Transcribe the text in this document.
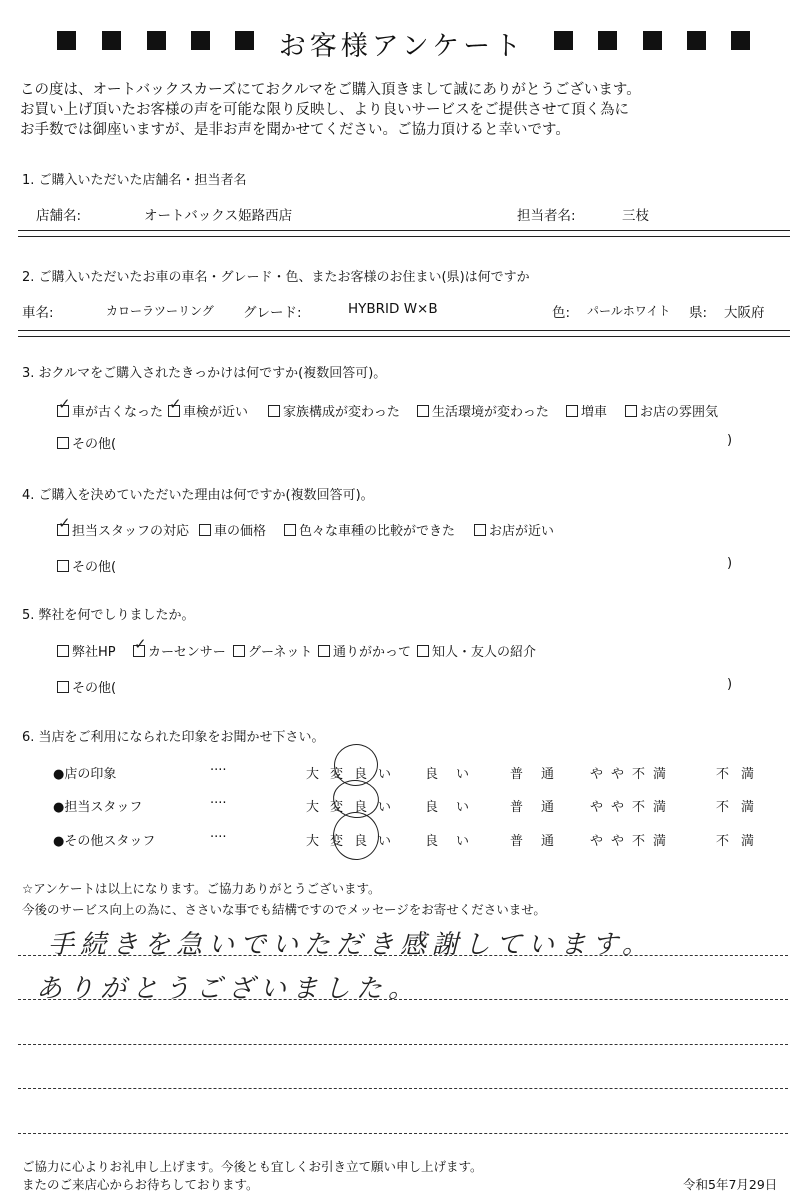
お客様アンケート
この度は、オートバックスカーズにておクルマをご購入頂きまして誠にありがとうございます。
お買い上げ頂いたお客様の声を可能な限り反映し、より良いサービスをご提供させて頂く為に
お手数では御座いますが、是非お声を聞かせてください。ご協力頂けると幸いです。
1. ご購入いただいた店舗名・担当者名
店舗名:	オートバックス姫路西店	担当者名:	三枝
2. ご購入いただいたお車の車名・グレード・色、またお客様のお住まい(県)は何ですか
車名:	カローラツーリング グレード:	HYBRID W×B	色: パールホワイト 県: 大阪府
3. おクルマをご購入されたきっかけは何ですか(複数回答可)。
✓ 車が古くなった ✓ 車検が近い	家族構成が変わった	生活環境が変わった	増車	お店の雰囲気
その他(	)
4. ご購入を決めていただいた理由は何ですか(複数回答可)。
✓ 担当スタッフの対応	車の価格	色々な車種の比較ができた	お店が近い
その他(	)
5. 弊社を何でしりましたか。
弊社HP ✓ カーセンサー	グーネット	通りがかって	知人・友人の紹介
その他(	)
6. 当店をご利用になられた印象をお聞かせ下さい。
●店の印象	····	大変良い 良い 普通 やや不満	不満
●担当スタッフ	····	大変良い 良い 普通 やや不満	不満
●その他スタッフ	····	大変良い 良い 普通 やや不満	不満
☆アンケートは以上になります。ご協力ありがとうございます。
今後のサービス向上の為に、ささいな事でも結構ですのでメッセージをお寄せくださいませ。
手続きを急いでいただき感謝しています。
ありがとうございました。
ご協力に心よりお礼申し上げます。今後とも宜しくお引き立て願い申し上げます。
またのご来店心からお待ちしております。	令和5年7月29日
